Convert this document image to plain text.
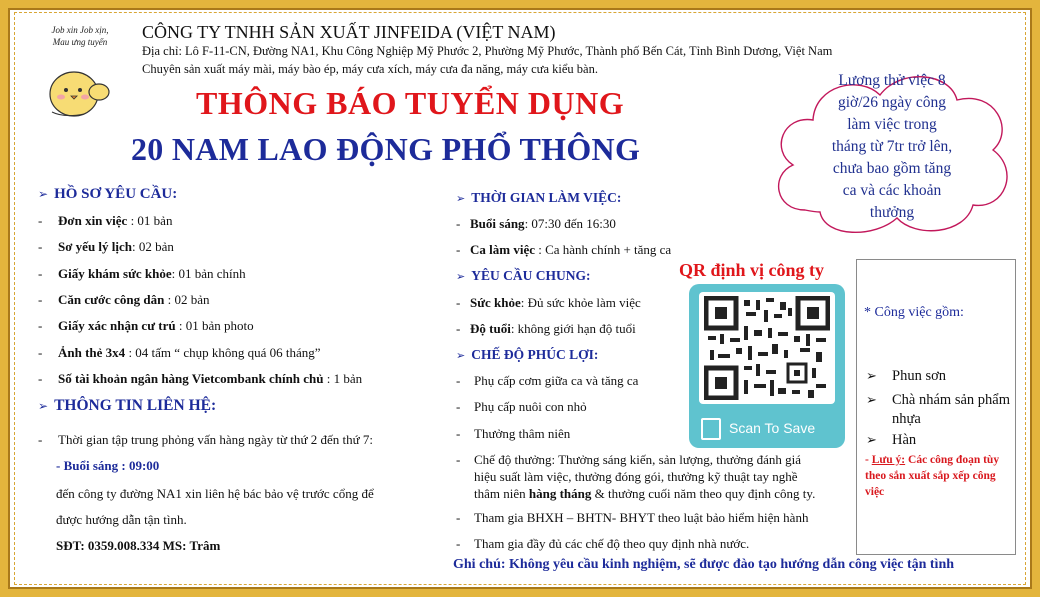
Job xin Job xịn,
Mau ưng tuyển	CÔNG TY TNHH SẢN XUẤT JINFEIDA (VIỆT NAM)
Địa chỉ: Lô F-11-CN, Đường NA1, Khu Công Nghiệp Mỹ Phước 2, Phường Mỹ Phước, Thành phố Bến Cát, Tỉnh Bình Dương, Việt Nam
Chuyên sản xuất máy mài, máy bào ép, máy cưa xích, máy cưa đa năng, máy cưa kiểu bàn.
THÔNG BÁO TUYỂN DỤNG
20 NAM LAO ĐỘNG PHỔ THÔNG
Lương thử việc 8
giờ/26 ngày công
làm việc trong
tháng từ 7tr trở lên,
chưa bao gồm tăng
ca và các khoản
thưởng
➢ HỒ SƠ YÊU CẦU:
- Đơn xin việc : 01 bản
- Sơ yếu lý lịch: 02 bản
- Giấy khám sức khỏe: 01 bản chính
- Căn cước công dân : 02 bản
- Giấy xác nhận cư trú : 01 bản photo
- Ảnh thẻ 3x4 : 04 tấm “ chụp không quá 06 tháng”
- Số tài khoản ngân hàng Vietcombank chính chủ : 1 bản
➢ THÔNG TIN LIÊN HỆ:
- Thời gian tập trung phỏng vấn hàng ngày từ thứ 2 đến thứ 7:
- Buổi sáng : 09:00
đến công ty đường NA1 xin liên hệ bác bảo vệ trước cổng để
được hướng dẫn tận tình.
SĐT: 0359.008.334 MS: Trâm
➢ THỜI GIAN LÀM VIỆC:
- Buổi sáng: 07:30 đến 16:30
- Ca làm việc : Ca hành chính + tăng ca
➢ YÊU CẦU CHUNG:
- Sức khỏe: Đủ sức khỏe làm việc
- Độ tuổi: không giới hạn độ tuổi
➢ CHẾ ĐỘ PHÚC LỢI:
- Phụ cấp cơm giữa ca và tăng ca
- Phụ cấp nuôi con nhỏ
- Thưởng thâm niên
- Chế độ thưởng: Thưởng sáng kiến, sản lượng, thưởng đánh giá
hiệu suất làm việc, thưởng đóng gói, thưởng kỹ thuật tay nghề
thâm niên hàng tháng & thưởng cuối năm theo quy định công ty.
- Tham gia BHXH – BHTN- BHYT theo luật bảo hiểm hiện hành
- Tham gia đầy đủ các chế độ theo quy định nhà nước.
QR định vị công ty
Scan To Save
* Công việc gồm:
➢	Phun sơn
➢	Chà nhám sản phẩm nhựa
➢	Hàn
- Lưu ý: Các công đoạn tùy theo sắn xuất sắp xếp công việc
Ghi chú: Không yêu cầu kinh nghiệm, sẽ được đào tạo hướng dẫn công việc tận tình
